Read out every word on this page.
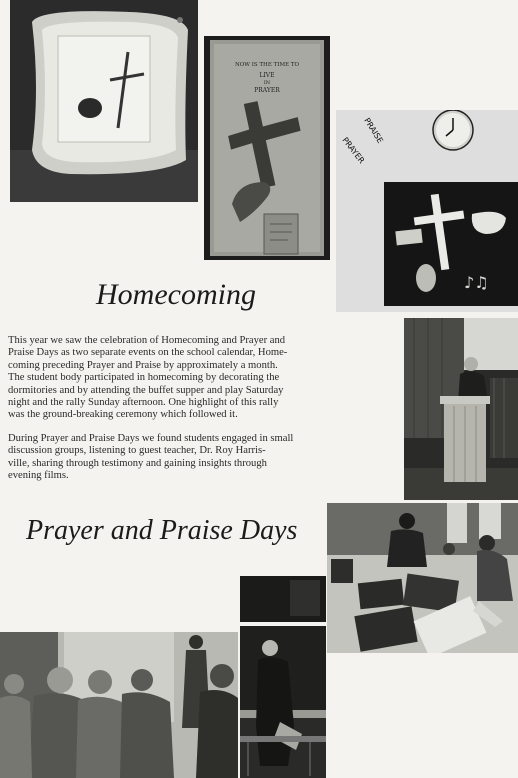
NOW IS THE TIME TO
LIVE
IN
PRAYER
PRAYER
PRAISE
♪♫
Homecoming

This year we saw the celebration of Homecoming and Prayer and
Praise Days as two separate events on the school calendar, Home-
coming preceding Prayer and Praise by approximately a month.
The student body participated in homecoming by decorating the
dormitories and by attending the buffet supper and play Saturday
night and the rally Sunday afternoon. One highlight of this rally
was the ground-breaking ceremony which followed it.

During Prayer and Praise Days we found students engaged in small
discussion groups, listening to guest teacher, Dr. Roy Harris-
ville, sharing through testimony and gaining insights through
evening films.

Prayer and Praise Days
